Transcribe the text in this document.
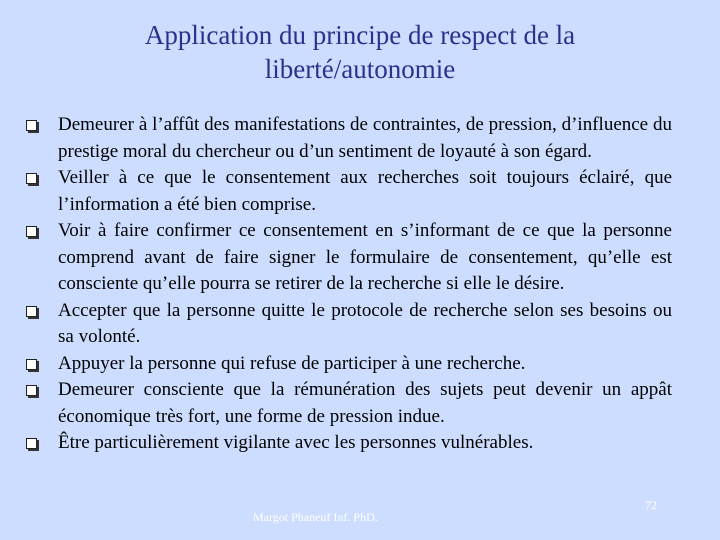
Application du principe de respect de la
liberté/autonomie
Demeurer à l’affût des manifestations de contraintes, de pression, d’influence du prestige moral du chercheur ou d’un sentiment de loyauté à son égard.
Veiller à ce que le consentement aux recherches soit toujours éclairé, que l’information a été bien comprise.
Voir à faire confirmer ce consentement en s’informant de ce que la personne comprend avant de faire signer le formulaire de consentement, qu’elle est consciente qu’elle pourra se retirer de la recherche si elle le désire.
Accepter que la personne quitte le protocole de recherche selon ses besoins ou sa volonté.
Appuyer la personne qui refuse de participer à une recherche.
Demeurer consciente que la rémunération des sujets peut devenir un appât économique très fort, une forme de pression indue.
Être particulièrement vigilante avec les personnes vulnérables.
Margot Phaneuf Inf. PhD.
72
